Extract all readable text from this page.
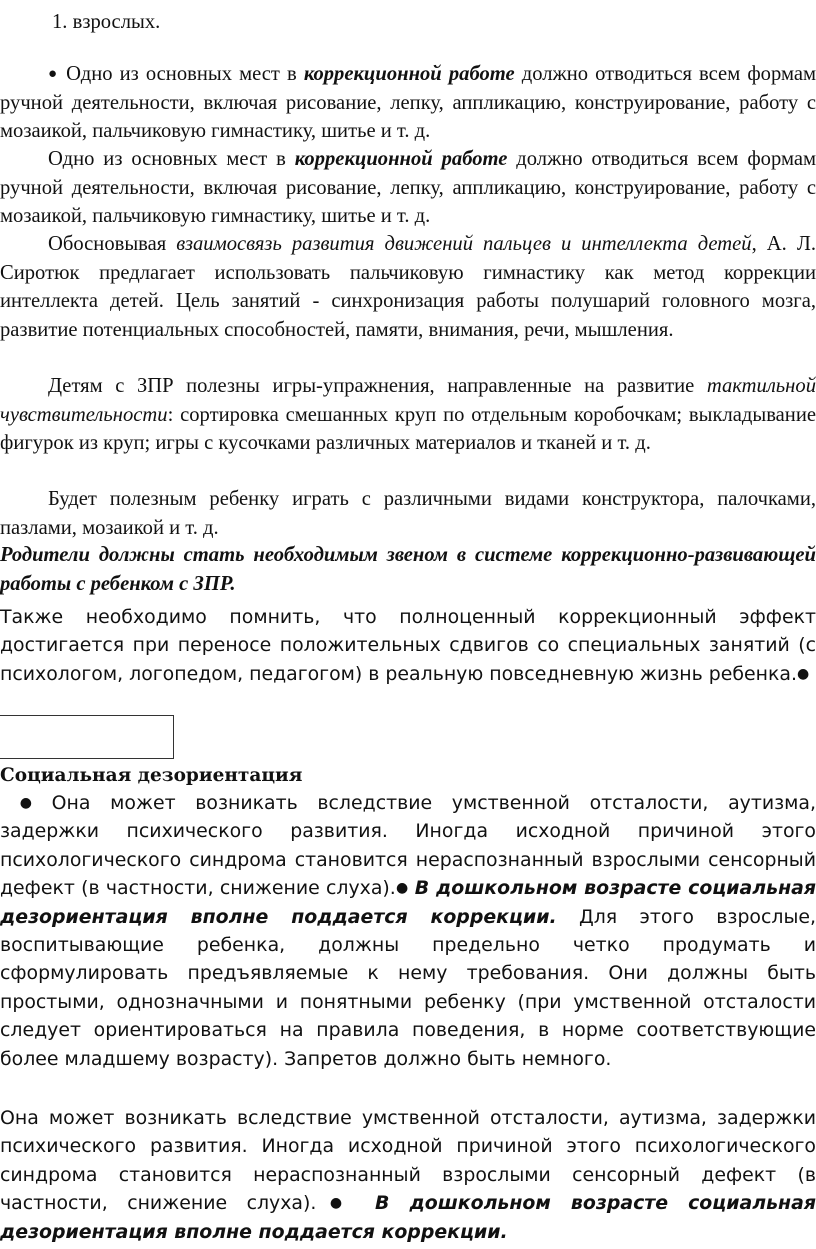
1. взрослых.

● Одно из основных мест в коррекционной работе должно отводиться всем формам ручной деятельности, включая рисование, лепку, аппликацию, конструирование, работу с мозаикой, пальчиковую гимнастику, шитье и т. д.

Одно из основных мест в коррекционной работе должно отводиться всем формам ручной деятельности, включая рисование, лепку, аппликацию, конструирование, работу с мозаикой, пальчиковую гимнастику, шитье и т. д.

Обосновывая взаимосвязь развития движений пальцев и интеллекта детей, А. Л. Сиротюк предлагает использовать пальчиковую гимнастику как метод коррекции интеллекта детей. Цель занятий - синхронизация работы полушарий головного мозга, развитие потенциальных способностей, памяти, внимания, речи, мышления.

Детям с ЗПР полезны игры-упражнения, направленные на развитие тактильной чувствительности: сортировка смешанных круп по отдельным коробочкам; выкладывание фигурок из круп; игры с кусочками различных материалов и тканей и т. д.

Будет полезным ребенку играть с различными видами конструктора, палочками, пазлами, мозаикой и т. д.

Родители должны стать необходимым звеном в системе коррекционно-развивающей работы с ребенком с ЗПР.

Также необходимо помнить, что полноценный коррекционный эффект достигается при переносе положительных сдвигов со специальных занятий (с психологом, логопедом, педагогом) в реальную повседневную жизнь ребенка.●

Социальная дезориентация

● Она может возникать вследствие умственной отсталости, аутизма, задержки психического развития. Иногда исходной причиной этого психологического синдрома становится нераспознанный взрослыми сенсорный дефект (в частности, снижение слуха).● В дошкольном возрасте социальная дезориентация вполне поддается коррекции. Для этого взрослые, воспитывающие ребенка, должны предельно четко продумать и сформулировать предъявляемые к нему требования. Они должны быть простыми, однозначными и понятными ребенку (при умственной отсталости следует ориентироваться на правила поведения, в норме соответствующие более младшему возрасту). Запретов должно быть немного.

Она может возникать вследствие умственной отсталости, аутизма, задержки психического развития. Иногда исходной причиной этого психологического синдрома становится нераспознанный взрослыми сенсорный дефект (в частности, снижение слуха).● В дошкольном возрасте социальная дезориентация вполне поддается коррекции.
